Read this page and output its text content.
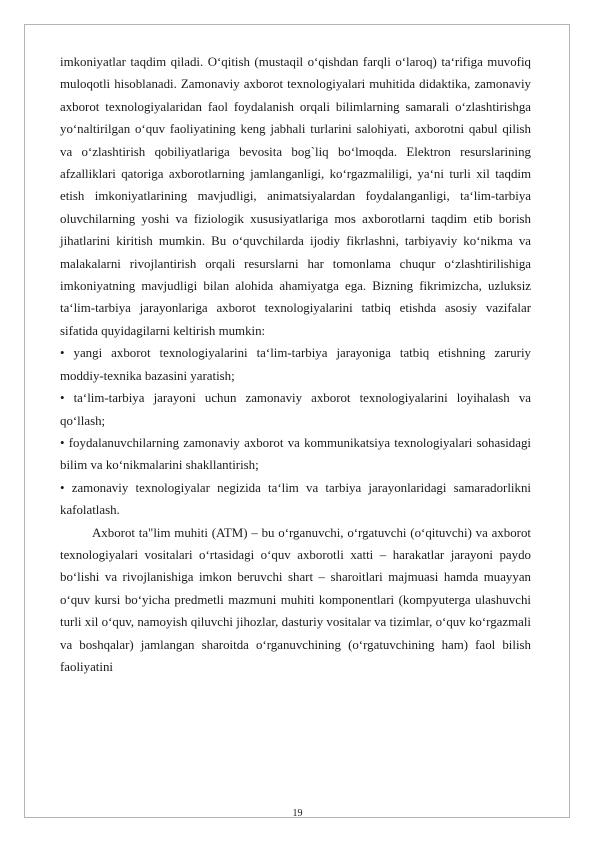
imkoniyatlar taqdim qiladi. O‘qitish (mustaqil o‘qishdan farqli o‘laroq) ta‘rifiga muvofiq muloqotli hisoblanadi. Zamonaviy axborot texnologiyalari muhitida didaktika, zamonaviy axborot texnologiyalaridan faol foydalanish orqali bilimlarning samarali o‘zlashtirishga yo‘naltirilgan o‘quv faoliyatining keng jabhali turlarini salohiyati, axborotni qabul qilish va o‘zlashtirish qobiliyatlariga bevosita bog`liq bo‘lmoqda. Elektron resurslarining afzalliklari qatoriga axborotlarning jamlanganligi, ko‘rgazmaliligi, ya‘ni turli xil taqdim etish imkoniyatlarining mavjudligi, animatsiyalardan foydalanganligi, ta‘lim-tarbiya oluvchilarning yoshi va fiziologik xususiyatlariga mos axborotlarni taqdim etib borish jihatlarini kiritish mumkin. Bu o‘quvchilarda ijodiy fikrlashni, tarbiyaviy ko‘nikma va malakalarni rivojlantirish orqali resurslarni har tomonlama chuqur o‘zlashtirilishiga imkoniyatning mavjudligi bilan alohida ahamiyatga ega. Bizning fikrimizcha, uzluksiz ta‘lim-tarbiya jarayonlariga axborot texnologiyalarini tatbiq etishda asosiy vazifalar sifatida quyidagilarni keltirish mumkin:

• yangi axborot texnologiyalarini ta‘lim-tarbiya jarayoniga tatbiq etishning zaruriy moddiy-texnika bazasini yaratish;

• ta‘lim-tarbiya jarayoni uchun zamonaviy axborot texnologiyalarini loyihalash va qo‘llash;

• foydalanuvchilarning zamonaviy axborot va kommunikatsiya texnologiyalari sohasidagi bilim va ko‘nikmalarini shakllantirish;

• zamonaviy texnologiyalar negizida ta‘lim va tarbiya jarayonlaridagi samaradorlikni kafolatlash.

Axborot ta"lim muhiti (ATM) – bu o‘rganuvchi, o‘rgatuvchi (o‘qituvchi) va axborot texnologiyalari vositalari o‘rtasidagi o‘quv axborotli xatti – harakatlar jarayoni paydo bo‘lishi va rivojlanishiga imkon beruvchi shart – sharoitlari majmuasi hamda muayyan o‘quv kursi bo‘yicha predmetli mazmuni muhiti komponentlari (kompyuterga ulashuvchi turli xil o‘quv, namoyish qiluvchi jihozlar, dasturiy vositalar va tizimlar, o‘quv ko‘rgazmali va boshqalar) jamlangan sharoitda o‘rganuvchining (o‘rgatuvchining ham) faol bilish faoliyatini

19
